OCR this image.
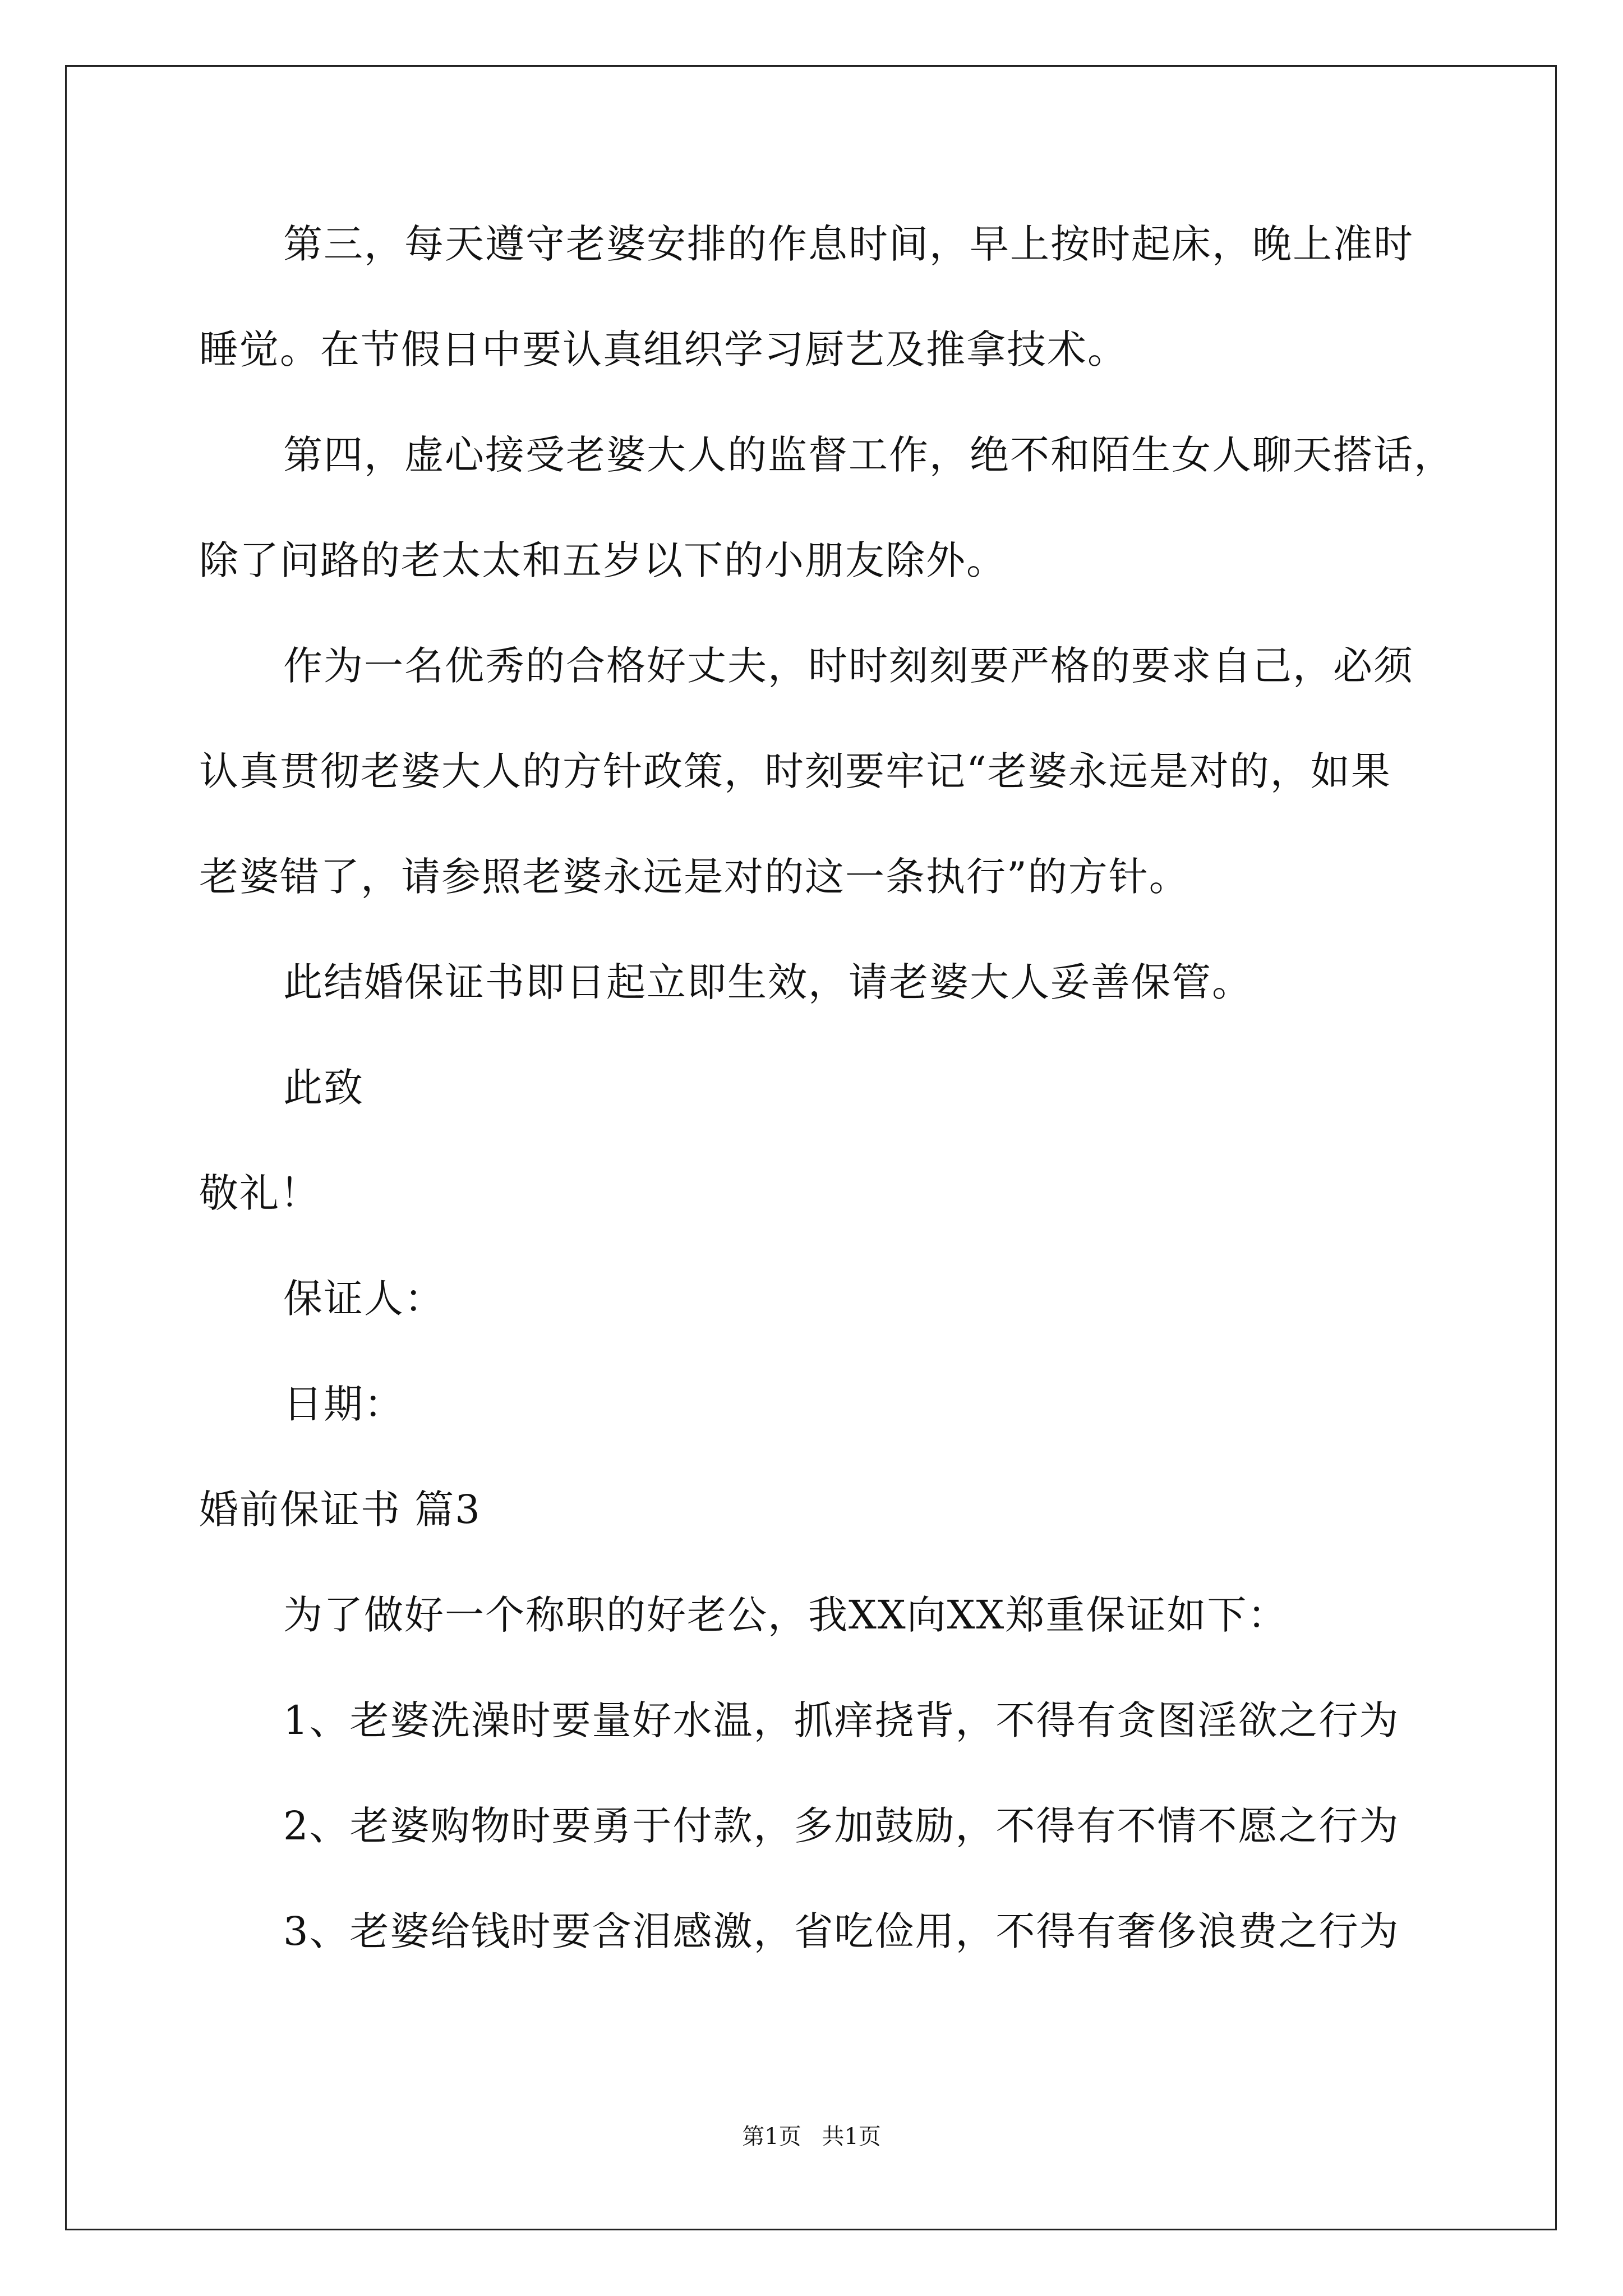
第三，每天遵守老婆安排的作息时间，早上按时起床，晚上准时
睡觉。在节假日中要认真组织学习厨艺及推拿技术。
第四，虚心接受老婆大人的监督工作，绝不和陌生女人聊天搭话，
除了问路的老太太和五岁以下的小朋友除外。
作为一名优秀的合格好丈夫，时时刻刻要严格的要求自己，必须
认真贯彻老婆大人的方针政策，时刻要牢记“老婆永远是对的，如果
老婆错了，请参照老婆永远是对的这一条执行”的方针。
此结婚保证书即日起立即生效，请老婆大人妥善保管。
此致
敬礼！
保证人：
日期：
婚前保证书 篇3
为了做好一个称职的好老公，我XX向XX郑重保证如下：
1、老婆洗澡时要量好水温，抓痒挠背，不得有贪图淫欲之行为
2、老婆购物时要勇于付款，多加鼓励，不得有不情不愿之行为
3、老婆给钱时要含泪感激，省吃俭用，不得有奢侈浪费之行为
第1页 共1页
